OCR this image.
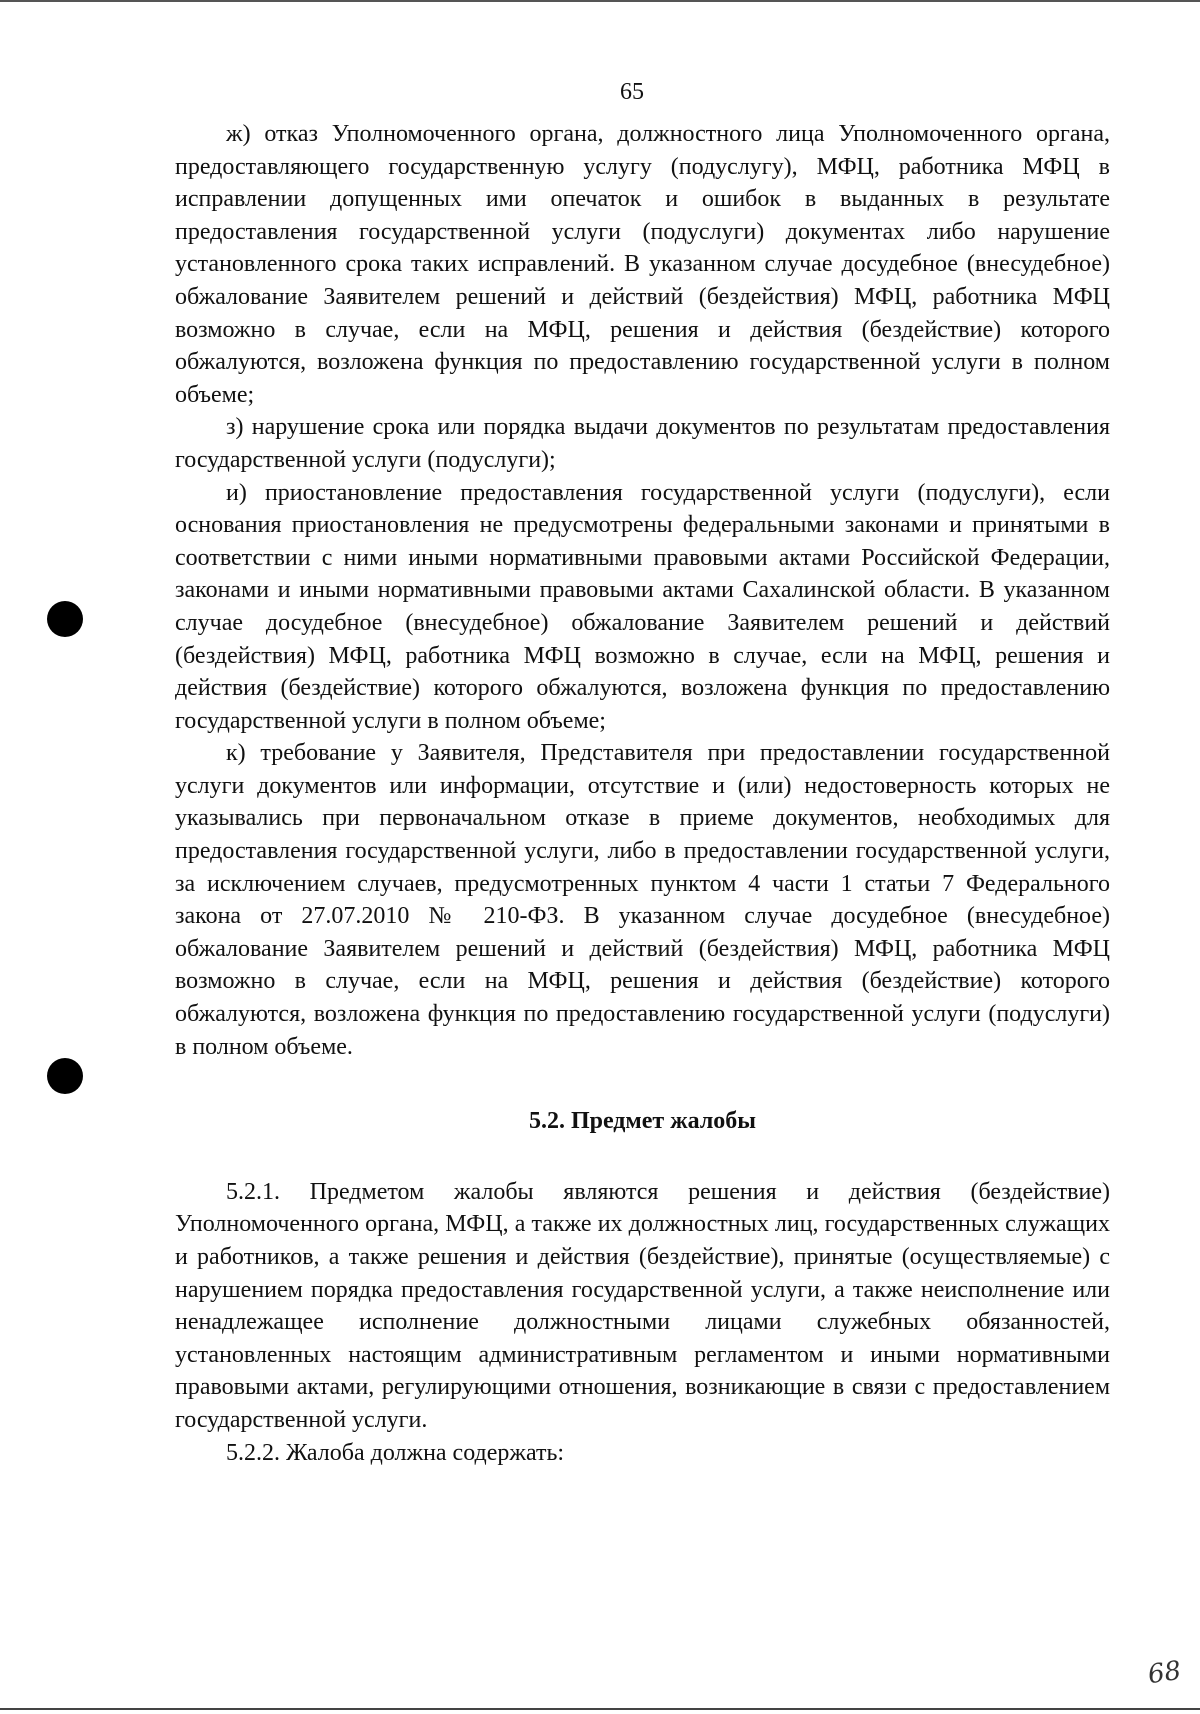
65

ж) отказ Уполномоченного органа, должностного лица Уполномоченного органа, предоставляющего государственную услугу (подуслугу), МФЦ, работника МФЦ в исправлении допущенных ими опечаток и ошибок в выданных в результате предоставления государственной услуги (подуслуги) документах либо нарушение установленного срока таких исправлений. В указанном случае досудебное (внесудебное) обжалование Заявителем решений и действий (бездействия) МФЦ, работника МФЦ возможно в случае, если на МФЦ, решения и действия (бездействие) которого обжалуются, возложена функция по предоставлению государственной услуги в полном объеме;

з) нарушение срока или порядка выдачи документов по результатам предоставления государственной услуги (подуслуги);

и) приостановление предоставления государственной услуги (подуслуги), если основания приостановления не предусмотрены федеральными законами и принятыми в соответствии с ними иными нормативными правовыми актами Российской Федерации, законами и иными нормативными правовыми актами Сахалинской области. В указанном случае досудебное (внесудебное) обжалование Заявителем решений и действий (бездействия) МФЦ, работника МФЦ возможно в случае, если на МФЦ, решения и действия (бездействие) которого обжалуются, возложена функция по предоставлению государственной услуги в полном объеме;

к) требование у Заявителя, Представителя при предоставлении государственной услуги документов или информации, отсутствие и (или) недостоверность которых не указывались при первоначальном отказе в приеме документов, необходимых для предоставления государственной услуги, либо в предоставлении государственной услуги, за исключением случаев, предусмотренных пунктом 4 части 1 статьи 7 Федерального закона от 27.07.2010 № 210-ФЗ. В указанном случае досудебное (внесудебное) обжалование Заявителем решений и действий (бездействия) МФЦ, работника МФЦ возможно в случае, если на МФЦ, решения и действия (бездействие) которого обжалуются, возложена функция по предоставлению государственной услуги (подуслуги) в полном объеме.

5.2. Предмет жалобы

5.2.1. Предметом жалобы являются решения и действия (бездействие) Уполномоченного органа, МФЦ, а также их должностных лиц, государственных служащих и работников, а также решения и действия (бездействие), принятые (осуществляемые) с нарушением порядка предоставления государственной услуги, а также неисполнение или ненадлежащее исполнение должностными лицами служебных обязанностей, установленных настоящим административным регламентом и иными нормативными правовыми актами, регулирующими отношения, возникающие в связи с предоставлением государственной услуги.

5.2.2. Жалоба должна содержать:

68
